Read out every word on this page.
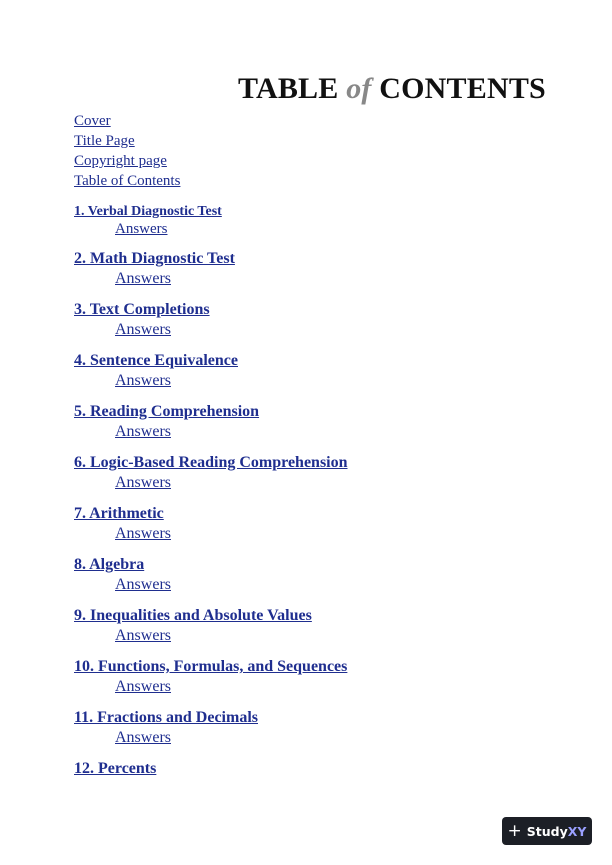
TABLE of CONTENTS
Cover
Title Page
Copyright page
Table of Contents
1. Verbal Diagnostic Test
Answers
2. Math Diagnostic Test
Answers
3. Text Completions
Answers
4. Sentence Equivalence
Answers
5. Reading Comprehension
Answers
6. Logic-Based Reading Comprehension
Answers
7. Arithmetic
Answers
8. Algebra
Answers
9. Inequalities and Absolute Values
Answers
10. Functions, Formulas, and Sequences
Answers
11. Fractions and Decimals
Answers
12. Percents
+ Study XY
